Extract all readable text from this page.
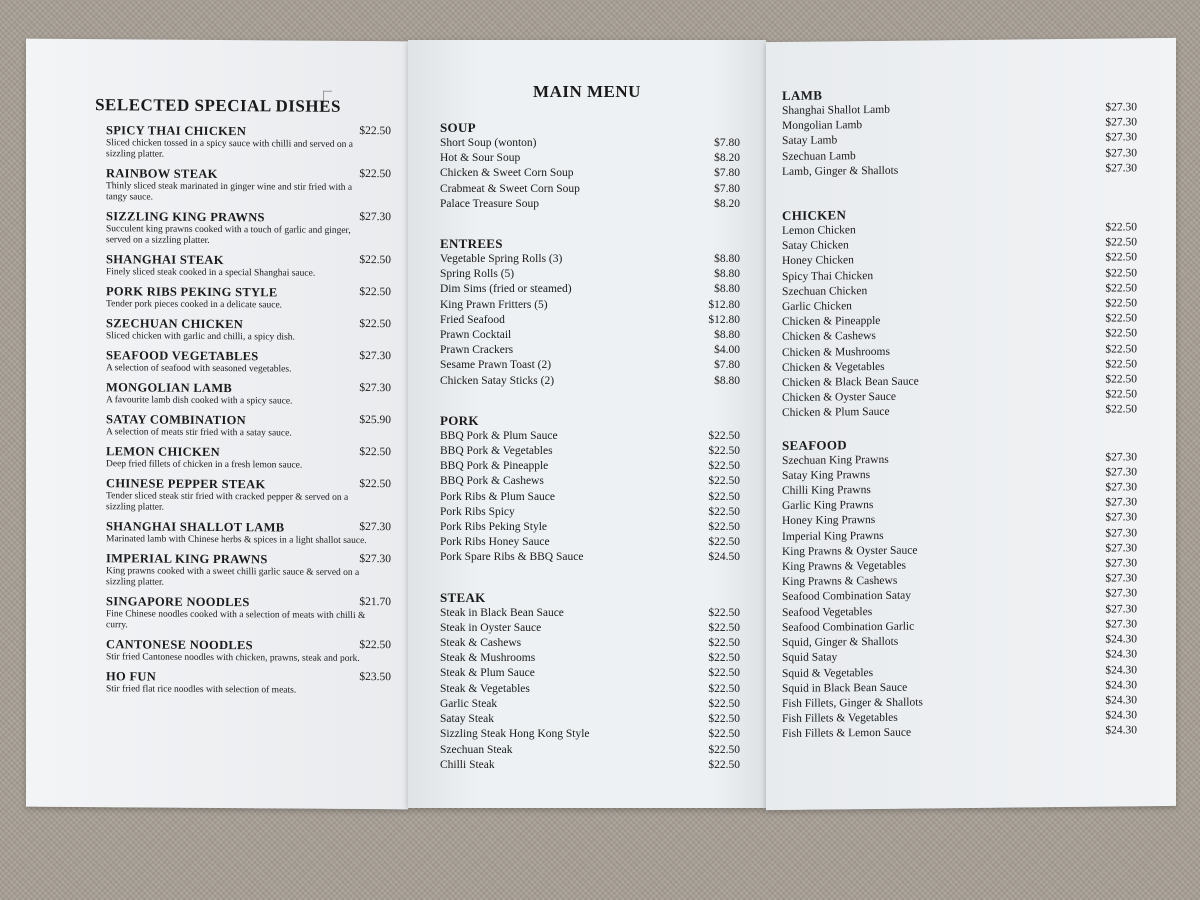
SELECTED SPECIAL DISHES
SPICY THAI CHICKEN	$22.50
Sliced chicken tossed in a spicy sauce with chilli and served on a sizzling platter.
RAINBOW STEAK	$22.50
Thinly sliced steak marinated in ginger wine and stir fried with a tangy sauce.
SIZZLING KING PRAWNS	$27.30
Succulent king prawns cooked with a touch of garlic and ginger, served on a sizzling platter.
SHANGHAI STEAK	$22.50
Finely sliced steak cooked in a special Shanghai sauce.
PORK RIBS PEKING STYLE	$22.50
Tender pork pieces cooked in a delicate sauce.
SZECHUAN CHICKEN	$22.50
Sliced chicken with garlic and chilli, a spicy dish.
SEAFOOD VEGETABLES	$27.30
A selection of seafood with seasoned vegetables.
MONGOLIAN LAMB	$27.30
A favourite lamb dish cooked with a spicy sauce.
SATAY COMBINATION	$25.90
A selection of meats stir fried with a satay sauce.
LEMON CHICKEN	$22.50
Deep fried fillets of chicken in a fresh lemon sauce.
CHINESE PEPPER STEAK	$22.50
Tender sliced steak stir fried with cracked pepper & served on a sizzling platter.
SHANGHAI SHALLOT LAMB	$27.30
Marinated lamb with Chinese herbs & spices in a light shallot sauce.
IMPERIAL KING PRAWNS	$27.30
King prawns cooked with a sweet chilli garlic sauce & served on a sizzling platter.
SINGAPORE NOODLES	$21.70
Fine Chinese noodles cooked with a selection of meats with chilli & curry.
CANTONESE NOODLES	$22.50
Stir fried Cantonese noodles with chicken, prawns, steak and pork.
HO FUN	$23.50
Stir fried flat rice noodles with selection of meats.
MAIN MENU
SOUP
Short Soup (wonton)	$7.80
Hot & Sour Soup	$8.20
Chicken & Sweet Corn Soup	$7.80
Crabmeat & Sweet Corn Soup	$7.80
Palace Treasure Soup	$8.20
ENTREES
Vegetable Spring Rolls (3)	$8.80
Spring Rolls (5)	$8.80
Dim Sims (fried or steamed)	$8.80
King Prawn Fritters (5)	$12.80
Fried Seafood	$12.80
Prawn Cocktail	$8.80
Prawn Crackers	$4.00
Sesame Prawn Toast (2)	$7.80
Chicken Satay Sticks (2)	$8.80
PORK
BBQ Pork & Plum Sauce	$22.50
BBQ Pork & Vegetables	$22.50
BBQ Pork & Pineapple	$22.50
BBQ Pork & Cashews	$22.50
Pork Ribs & Plum Sauce	$22.50
Pork Ribs Spicy	$22.50
Pork Ribs Peking Style	$22.50
Pork Ribs Honey Sauce	$22.50
Pork Spare Ribs & BBQ Sauce	$24.50
STEAK
Steak in Black Bean Sauce	$22.50
Steak in Oyster Sauce	$22.50
Steak & Cashews	$22.50
Steak & Mushrooms	$22.50
Steak & Plum Sauce	$22.50
Steak & Vegetables	$22.50
Garlic Steak	$22.50
Satay Steak	$22.50
Sizzling Steak Hong Kong Style	$22.50
Szechuan Steak	$22.50
Chilli Steak	$22.50
LAMB
Shanghai Shallot Lamb	$27.30
Mongolian Lamb	$27.30
Satay Lamb	$27.30
Szechuan Lamb	$27.30
Lamb, Ginger & Shallots	$27.30
CHICKEN
Lemon Chicken	$22.50
Satay Chicken	$22.50
Honey Chicken	$22.50
Spicy Thai Chicken	$22.50
Szechuan Chicken	$22.50
Garlic Chicken	$22.50
Chicken & Pineapple	$22.50
Chicken & Cashews	$22.50
Chicken & Mushrooms	$22.50
Chicken & Vegetables	$22.50
Chicken & Black Bean Sauce	$22.50
Chicken & Oyster Sauce	$22.50
Chicken & Plum Sauce	$22.50
SEAFOOD
Szechuan King Prawns	$27.30
Satay King Prawns	$27.30
Chilli King Prawns	$27.30
Garlic King Prawns	$27.30
Honey King Prawns	$27.30
Imperial King Prawns	$27.30
King Prawns & Oyster Sauce	$27.30
King Prawns & Vegetables	$27.30
King Prawns & Cashews	$27.30
Seafood Combination Satay	$27.30
Seafood Vegetables	$27.30
Seafood Combination Garlic	$27.30
Squid, Ginger & Shallots	$24.30
Squid Satay	$24.30
Squid & Vegetables	$24.30
Squid in Black Bean Sauce	$24.30
Fish Fillets, Ginger & Shallots	$24.30
Fish Fillets & Vegetables	$24.30
Fish Fillets & Lemon Sauce	$24.30
